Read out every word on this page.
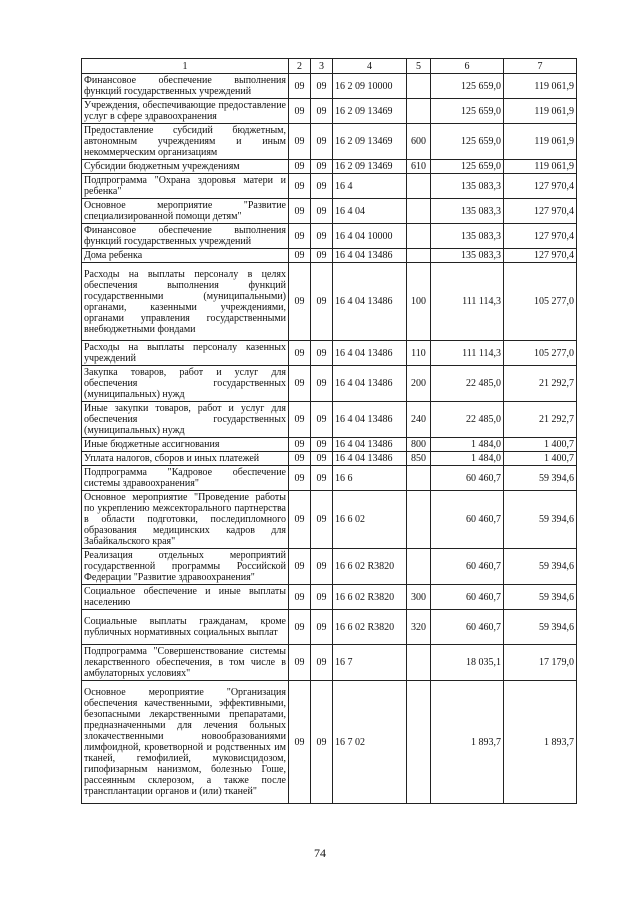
1	2	3	4	5	6	7
Финансовое обеспечение выполнения функций государственных учреждений	09	09	16 2 09 10000		125 659,0	119 061,9
Учреждения, обеспечивающие предоставление услуг в сфере здравоохранения	09	09	16 2 09 13469		125 659,0	119 061,9
Предоставление субсидий бюджетным, автономным учреждениям и иным некоммерческим организациям	09	09	16 2 09 13469	600	125 659,0	119 061,9
Субсидии бюджетным учреждениям	09	09	16 2 09 13469	610	125 659,0	119 061,9
Подпрограмма "Охрана здоровья матери и ребенка"	09	09	16 4		135 083,3	127 970,4
Основное мероприятие "Развитие специализированной помощи детям"	09	09	16 4 04		135 083,3	127 970,4
Финансовое обеспечение выполнения функций государственных учреждений	09	09	16 4 04 10000		135 083,3	127 970,4
Дома ребенка	09	09	16 4 04 13486		135 083,3	127 970,4
Расходы на выплаты персоналу в целях обеспечения выполнения функций государственными (муниципальными) органами, казенными учреждениями, органами управления государственными внебюджетными фондами	09	09	16 4 04 13486	100	111 114,3	105 277,0
Расходы на выплаты персоналу казенных учреждений	09	09	16 4 04 13486	110	111 114,3	105 277,0
Закупка товаров, работ и услуг для обеспечения государственных (муниципальных) нужд	09	09	16 4 04 13486	200	22 485,0	21 292,7
Иные закупки товаров, работ и услуг для обеспечения государственных (муниципальных) нужд	09	09	16 4 04 13486	240	22 485,0	21 292,7
Иные бюджетные ассигнования	09	09	16 4 04 13486	800	1 484,0	1 400,7
Уплата налогов, сборов и иных платежей	09	09	16 4 04 13486	850	1 484,0	1 400,7
Подпрограмма "Кадровое обеспечение системы здравоохранения"	09	09	16 6		60 460,7	59 394,6
Основное мероприятие "Проведение работы по укреплению межсекторального партнерства в области подготовки, последипломного образования медицинских кадров для Забайкальского края"	09	09	16 6 02		60 460,7	59 394,6
Реализация отдельных мероприятий государственной программы Российской Федерации "Развитие здравоохранения"	09	09	16 6 02 R3820		60 460,7	59 394,6
Социальное обеспечение и иные выплаты населению	09	09	16 6 02 R3820	300	60 460,7	59 394,6
Социальные выплаты гражданам, кроме публичных нормативных социальных выплат	09	09	16 6 02 R3820	320	60 460,7	59 394,6
Подпрограмма "Совершенствование системы лекарственного обеспечения, в том числе в амбулаторных условиях"	09	09	16 7		18 035,1	17 179,0
Основное мероприятие "Организация обеспечения качественными, эффективными, безопасными лекарственными препаратами, предназначенными для лечения больных злокачественными новообразованиями лимфоидной, кроветворной и родственных им тканей, гемофилией, муковисцидозом, гипофизарным нанизмом, болезнью Гоше, рассеянным склерозом, а также после трансплантации органов и (или) тканей"	09	09	16 7 02		1 893,7	1 893,7
74
